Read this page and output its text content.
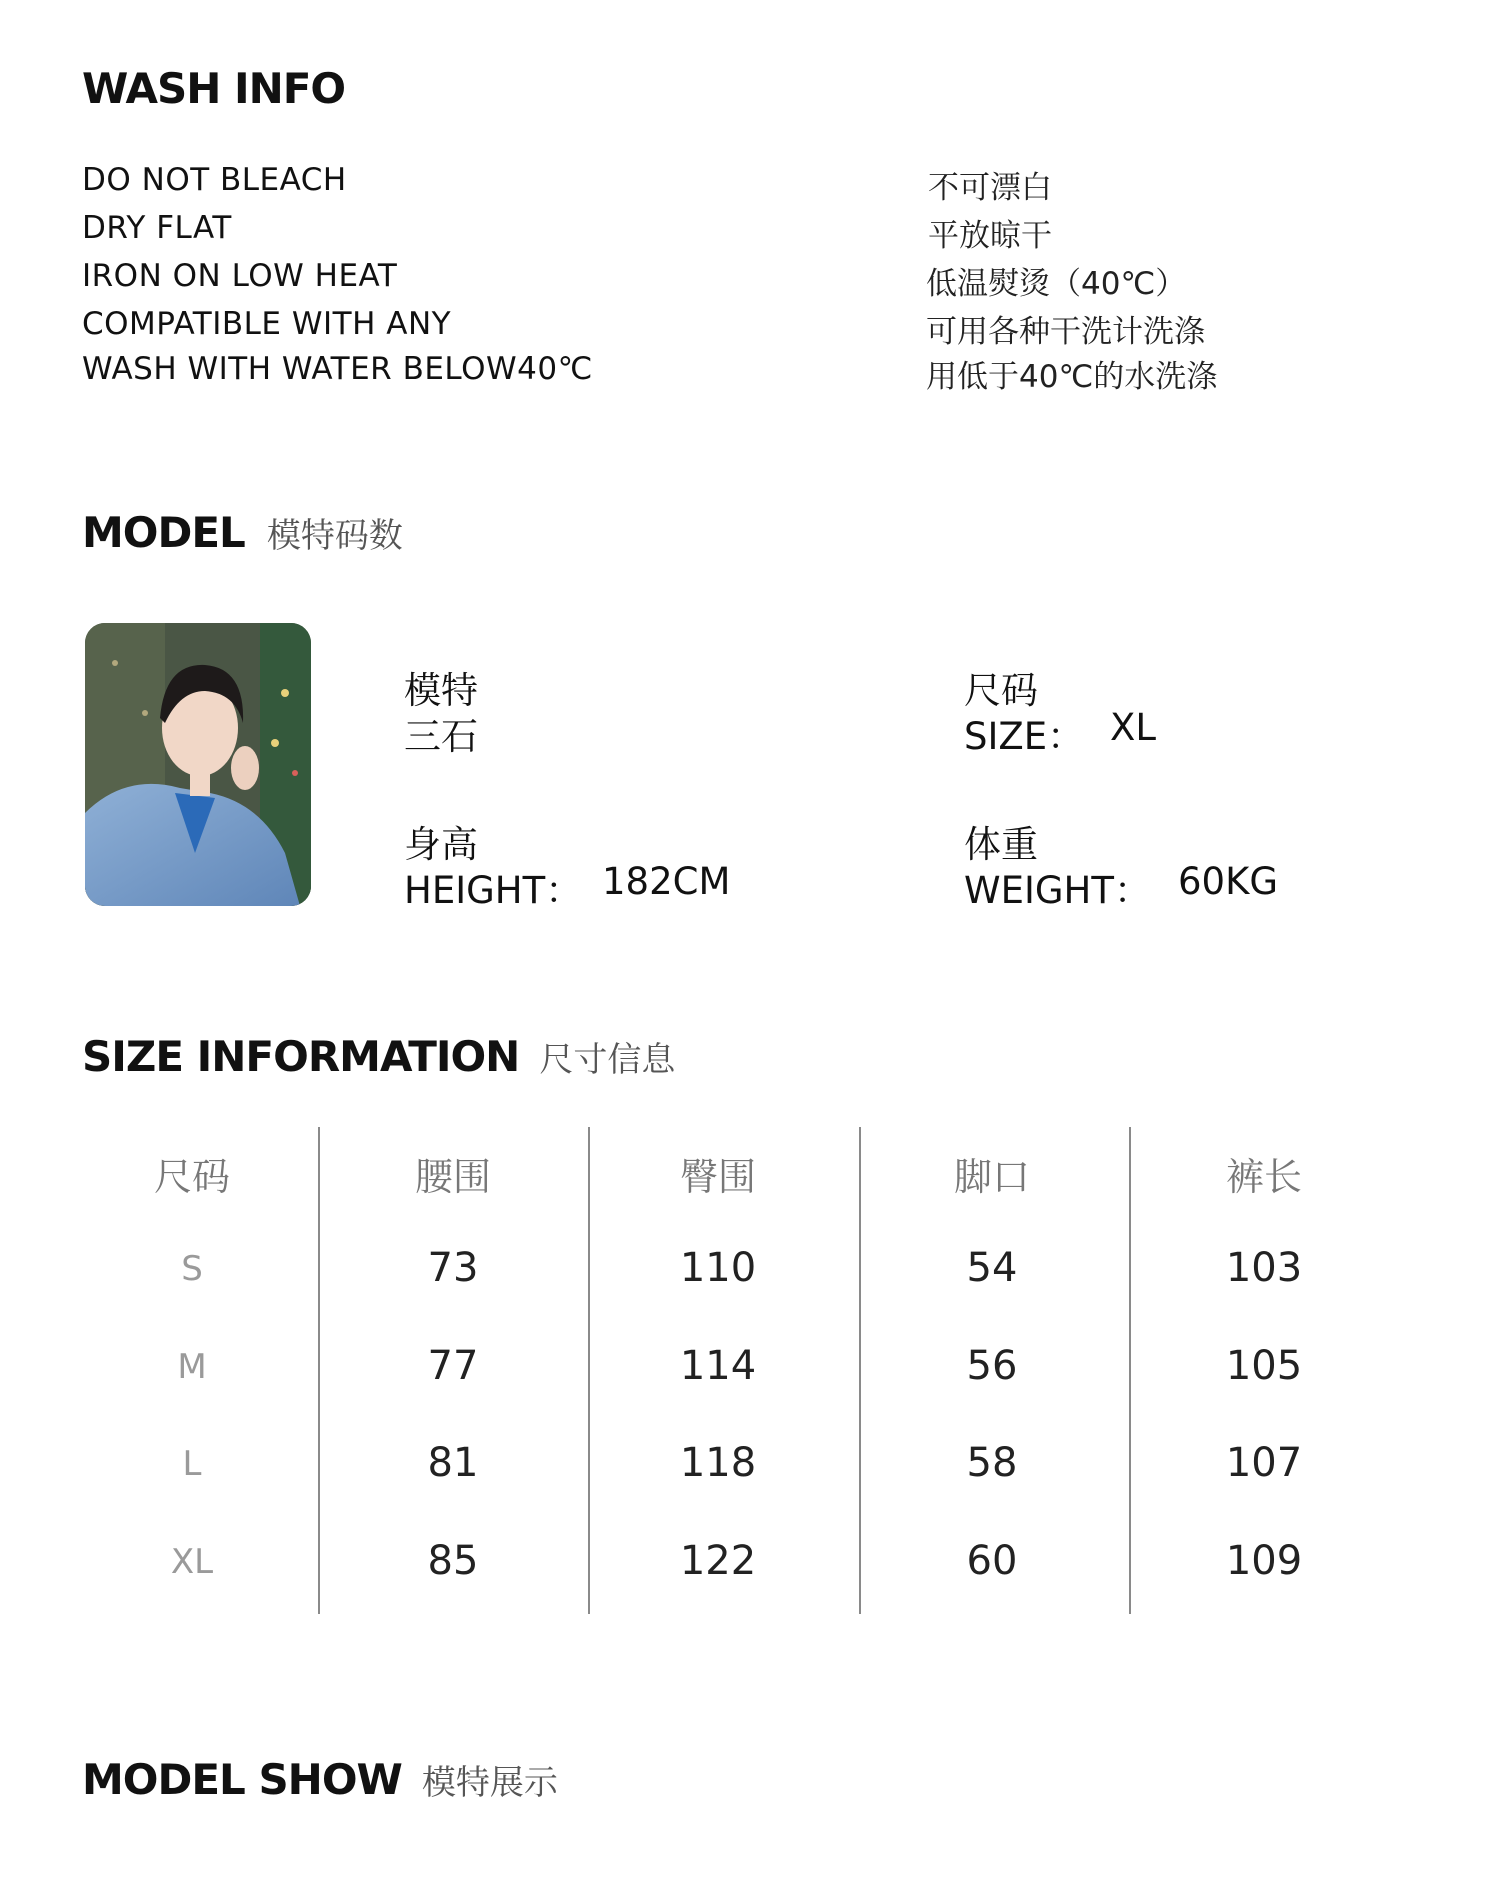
WASH INFO
DO NOT BLEACH
DRY FLAT
IRON ON LOW HEAT
COMPATIBLE WITH ANY
WASH WITH WATER BELOW40℃
不可漂白
平放晾干
低温熨烫（40℃）
可用各种干洗计洗涤
用低于40℃的水洗涤
MODEL 模特码数
模特
三石
尺码
SIZE： XL
身高
HEIGHT： 182CM
体重
WEIGHT： 60KG
SIZE INFORMATION 尺寸信息
尺码	腰围	臀围	脚口	裤长
S	73	110	54	103
M	77	114	56	105
L	81	118	58	107
XL	85	122	60	109
MODEL SHOW 模特展示
